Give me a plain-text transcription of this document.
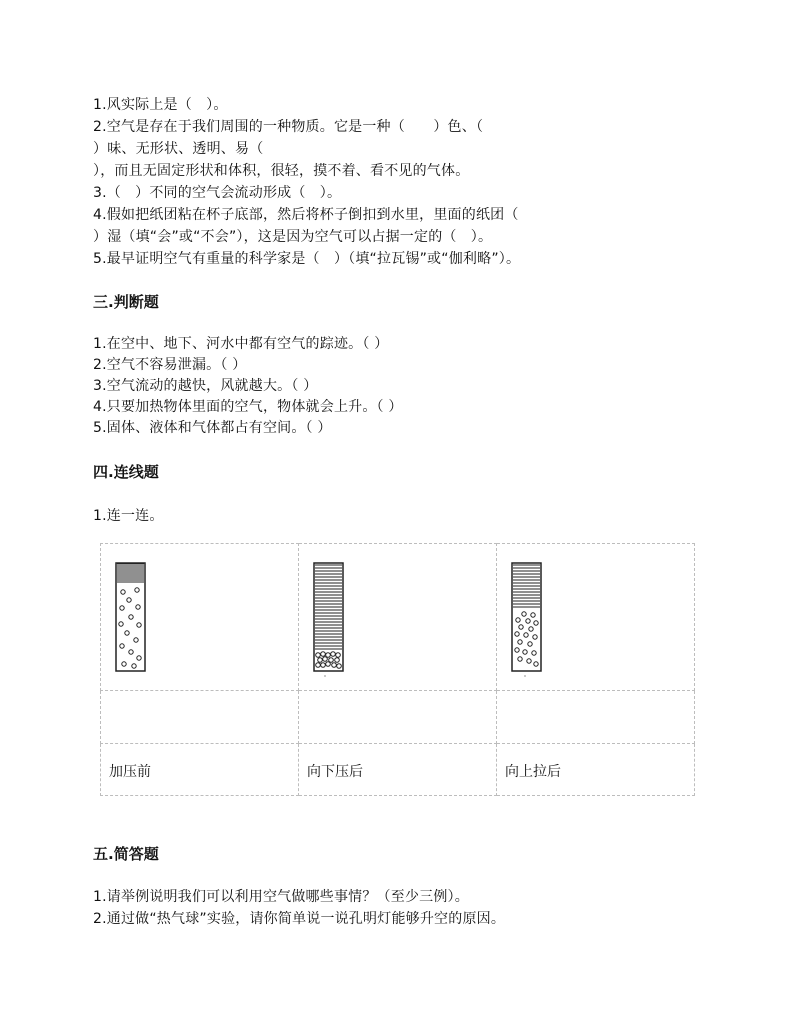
1.风实际上是（　）。
2.空气是存在于我们周围的一种物质。它是一种（　　）色、（
）味、无形状、透明、易（
），而且无固定形状和体积，很轻，摸不着、看不见的气体。
3.（　）不同的空气会流动形成（　）。
4.假如把纸团粘在杯子底部，然后将杯子倒扣到水里，里面的纸团（
）湿（填“会”或“不会”），这是因为空气可以占据一定的（　）。
5.最早证明空气有重量的科学家是（　）（填“拉瓦锡”或“伽利略”）。
三.判断题
1.在空中、地下、河水中都有空气的踪迹。（ ）
2.空气不容易泄漏。（ ）
3.空气流动的越快，风就越大。（ ）
4.只要加热物体里面的空气，物体就会上升。（ ）
5.固体、液体和气体都占有空间。（ ）
四.连线题
1.连一连。

加压前	向下压后	向上拉后
五.简答题
1.请举例说明我们可以利用空气做哪些事情？（至少三例）。
2.通过做“热气球”实验，请你简单说一说孔明灯能够升空的原因。
